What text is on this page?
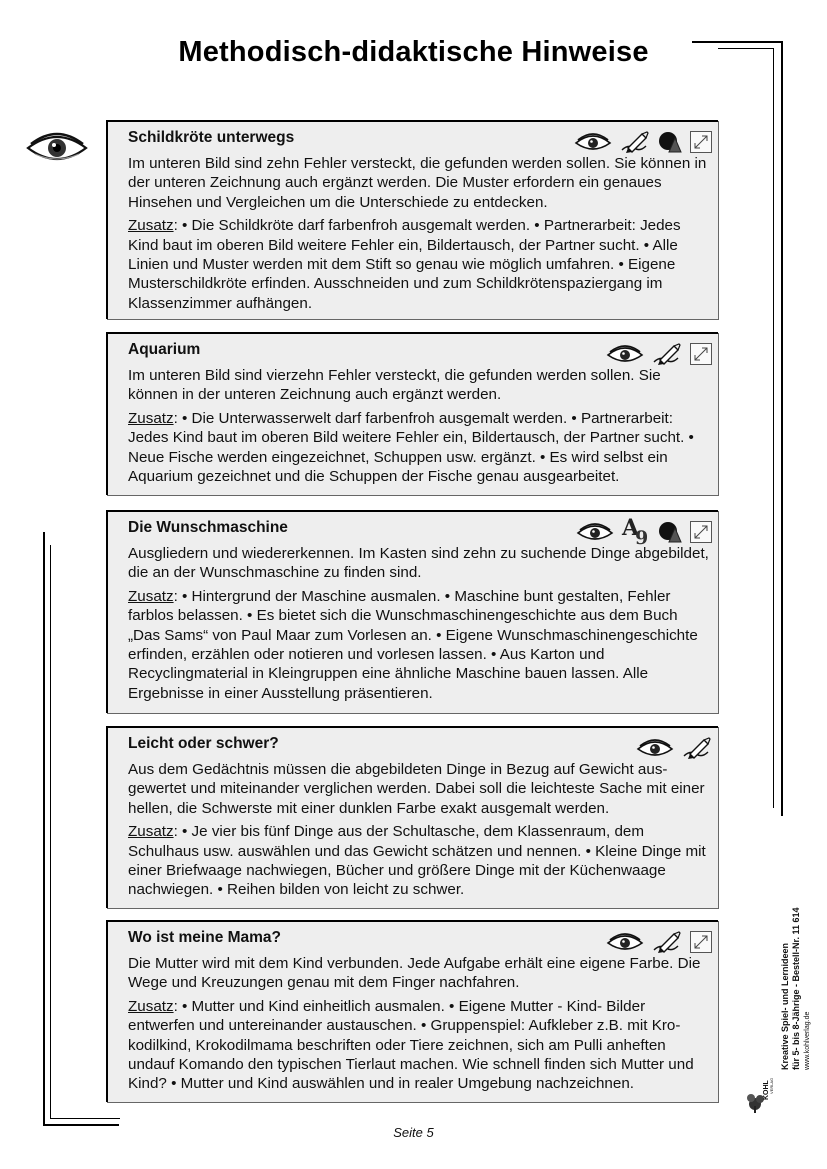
Methodisch-didaktische Hinweise
Schildkröte unterwegs

Im unteren Bild sind zehn Fehler versteckt, die gefunden werden sollen. Sie können in der unteren Zeichnung auch ergänzt werden. Die Muster erfordern ein genaues Hinsehen und Vergleichen um die Unterschiede zu entdecken.

Zusatz: • Die Schildkröte darf farbenfroh ausgemalt werden. • Partnerarbeit: Jedes Kind baut im oberen Bild weitere Fehler ein, Bildertausch, der Partner sucht. • Alle Linien und Muster werden mit dem Stift so genau wie möglich umfahren. • Eigene Musterschildkröte erfinden. Ausschneiden und zum Schildkrötenspaziergang im Klassenzimmer aufhängen.

Aquarium

Im unteren Bild sind vierzehn Fehler versteckt, die gefunden werden sollen. Sie können in der unteren Zeichnung auch ergänzt werden.

Zusatz: • Die Unterwasserwelt darf farbenfroh ausgemalt werden. • Partnerarbeit: Jedes Kind baut im oberen Bild weitere Fehler ein, Bildertausch, der Partner sucht. • Neue Fische werden eingezeichnet, Schuppen usw. ergänzt. • Es wird selbst ein Aquarium gezeichnet und die Schuppen der Fische genau ausgearbeitet.

Die Wunschmaschine

Ausgliedern und wiedererkennen. Im Kasten sind zehn zu suchende Dinge abgebildet, die an der Wunschmaschine zu finden sind.

Zusatz: • Hintergrund der Maschine ausmalen. • Maschine bunt gestalten, Fehler farblos belassen. • Es bietet sich die Wunschmaschinengeschichte aus dem Buch „Das Sams“ von Paul Maar zum Vorlesen an. • Eigene Wunschmaschinengeschichte erfinden, erzählen oder notieren und vorlesen lassen. • Aus Karton und Recyclingmaterial in Kleingruppen eine ähnliche Maschine bauen lassen. Alle Ergebnisse in einer Ausstellung präsentieren.

A
9
Leicht oder schwer?

Aus dem Gedächtnis müssen die abgebildeten Dinge in Bezug auf Gewicht ausgewertet und miteinander verglichen werden. Dabei soll die leichteste Sache mit einer hellen, die Schwerste mit einer dunklen Farbe exakt ausgemalt werden.

Zusatz: • Je vier bis fünf Dinge aus der Schultasche, dem Klassenraum, dem Schulhaus usw. auswählen und das Gewicht schätzen und nennen. • Kleine Dinge mit einer Briefwaage nachwiegen, Bücher und größere Dinge mit der Küchenwaage nachwiegen. • Reihen bilden von leicht zu schwer.

Wo ist meine Mama?

Die Mutter wird mit dem Kind verbunden. Jede Aufgabe erhält eine eigene Farbe. Die Wege und Kreuzungen genau mit dem Finger nachfahren.

Zusatz: • Mutter und Kind einheitlich ausmalen. • Eigene Mutter - Kind- Bilder entwerfen und untereinander austauschen. • Gruppenspiel: Aufkleber z.B. mit Krokodilkind, Krokodilmama beschriften oder Tiere zeichnen, sich am Pulli anheften undauf Komando den typischen Tierlaut machen. Wie schnell finden sich Mutter und Kind? • Mutter und Kind auswählen und in realer Umgebung nachzeichnen.

Kreative Spiel- und Lernideen für 5- bis 8-Jährige - Bestell-Nr. 11 614 www.kohlverlag.de
KOHL VERLAG
Seite 5
